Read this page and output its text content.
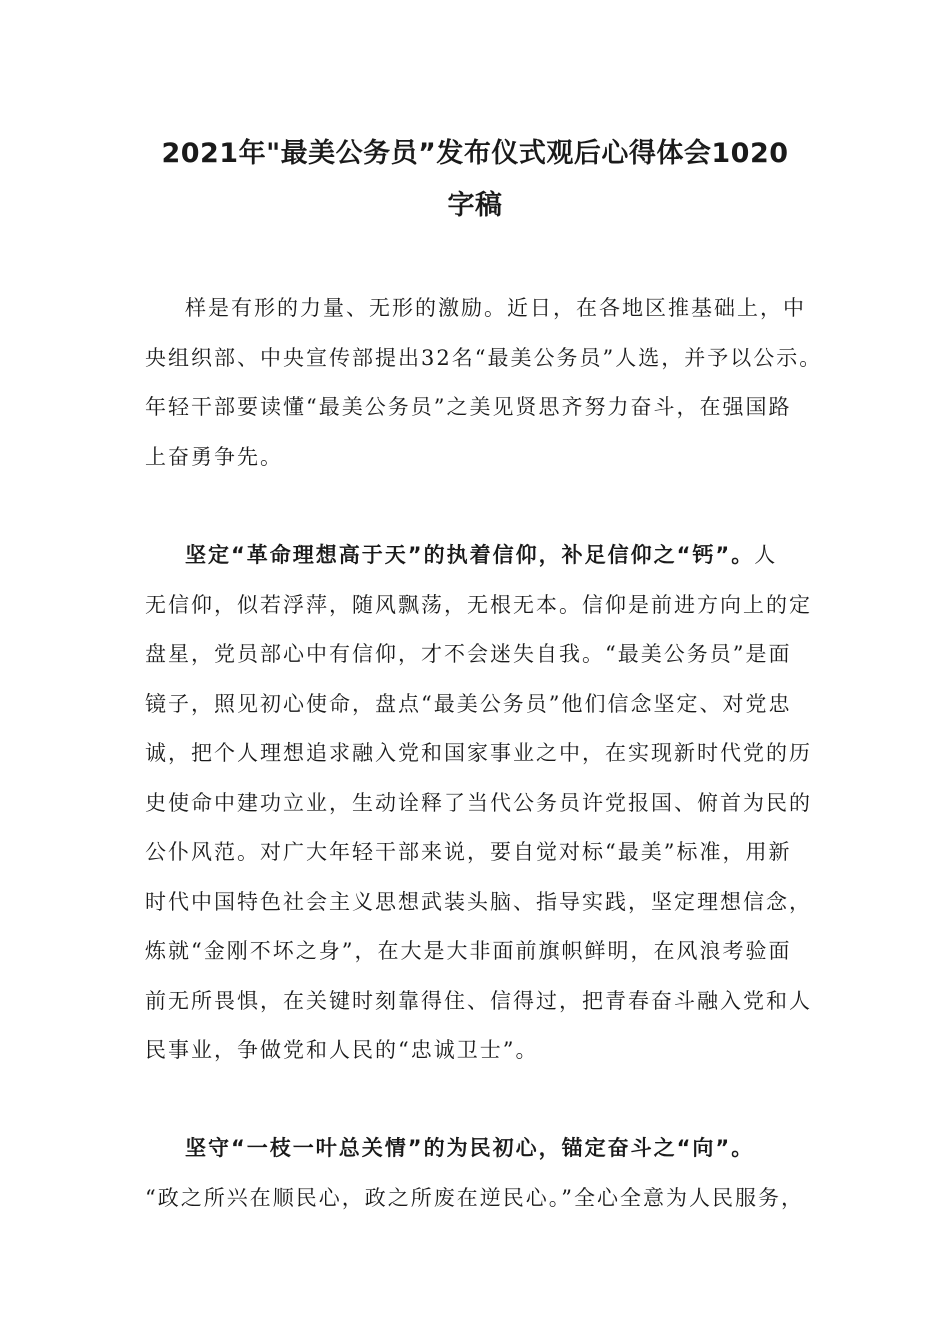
2021年"最美公务员”发布仪式观后心得体会1020
字稿
样是有形的力量、无形的激励。近日，在各地区推基础上，中
央组织部、中央宣传部提出32名“最美公务员”人选，并予以公示。
年轻干部要读懂“最美公务员”之美见贤思齐努力奋斗，在强国路
上奋勇争先。
坚定“革命理想高于天”的执着信仰，补足信仰之“钙”。人
无信仰，似若浮萍，随风飘荡，无根无本。信仰是前进方向上的定
盘星，党员部心中有信仰，才不会迷失自我。“最美公务员”是面
镜子，照见初心使命，盘点“最美公务员”他们信念坚定、对党忠
诚，把个人理想追求融入党和国家事业之中，在实现新时代党的历
史使命中建功立业，生动诠释了当代公务员许党报国、俯首为民的
公仆风范。对广大年轻干部来说，要自觉对标“最美”标准，用新
时代中国特色社会主义思想武装头脑、指导实践，坚定理想信念，
炼就“金刚不坏之身”，在大是大非面前旗帜鲜明，在风浪考验面
前无所畏惧，在关键时刻靠得住、信得过，把青春奋斗融入党和人
民事业，争做党和人民的“忠诚卫士”。
坚守“一枝一叶总关情”的为民初心，锚定奋斗之“向”。
“政之所兴在顺民心，政之所废在逆民心。”全心全意为人民服务，
